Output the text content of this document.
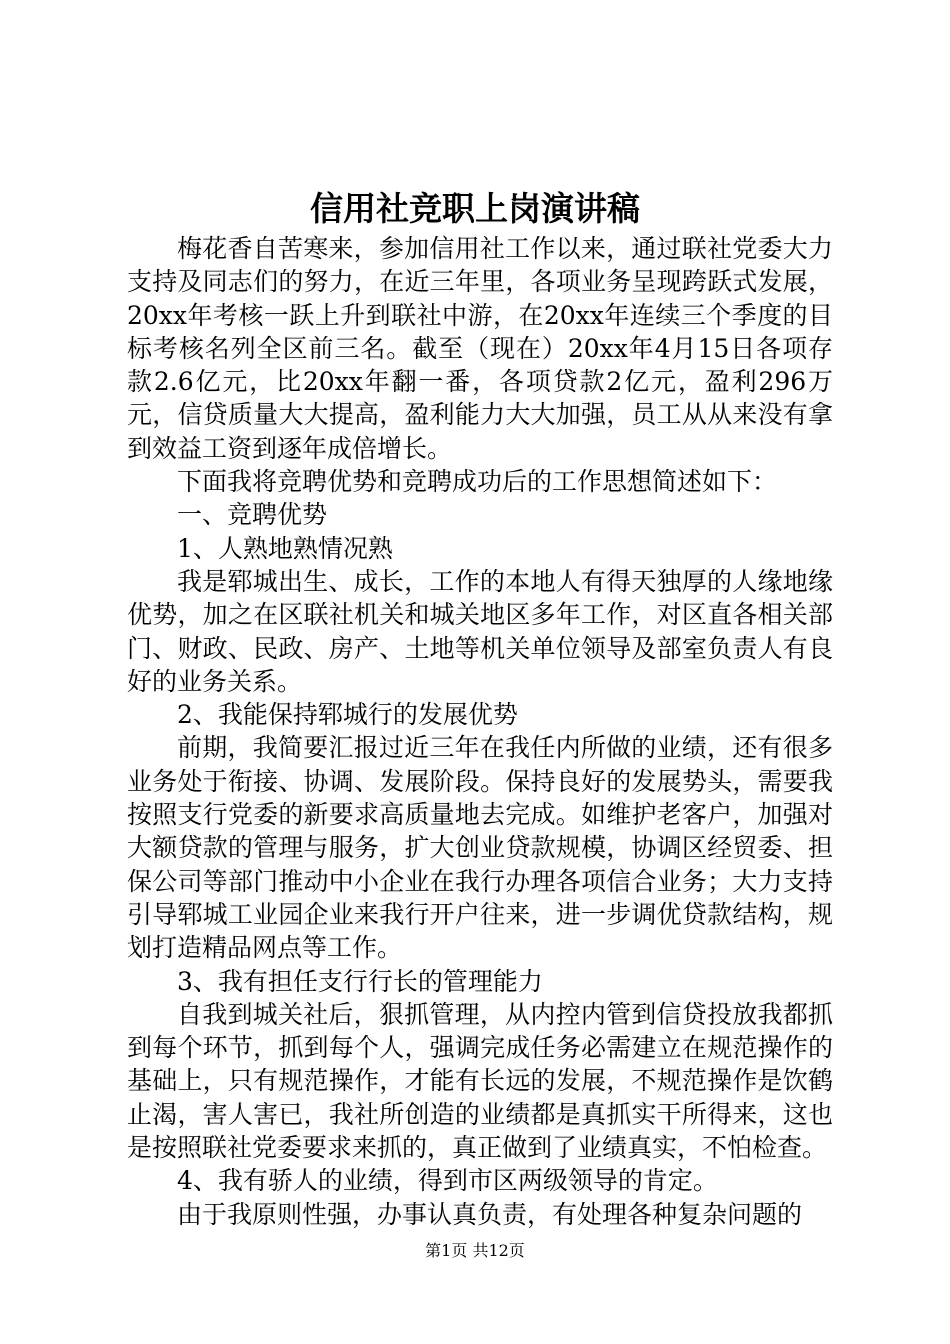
信用社竞职上岗演讲稿

梅花香自苦寒来，参加信用社工作以来，通过联社党委大力支持及同志们的努力，在近三年里，各项业务呈现跨跃式发展，20xx年考核一跃上升到联社中游，在20xx年连续三个季度的目标考核名列全区前三名。截至（现在）20xx年4月15日各项存款2.6亿元，比20xx年翻一番，各项贷款2亿元，盈利296万元，信贷质量大大提高，盈利能力大大加强，员工从从来没有拿到效益工资到逐年成倍增长。

下面我将竞聘优势和竞聘成功后的工作思想简述如下：

一、竞聘优势

1、人熟地熟情况熟

我是郓城出生、成长，工作的本地人有得天独厚的人缘地缘优势，加之在区联社机关和城关地区多年工作，对区直各相关部门、财政、民政、房产、土地等机关单位领导及部室负责人有良好的业务关系。

2、我能保持郓城行的发展优势

前期，我简要汇报过近三年在我任内所做的业绩，还有很多业务处于衔接、协调、发展阶段。保持良好的发展势头，需要我按照支行党委的新要求高质量地去完成。如维护老客户，加强对大额贷款的管理与服务，扩大创业贷款规模，协调区经贸委、担保公司等部门推动中小企业在我行办理各项信合业务；大力支持引导郓城工业园企业来我行开户往来，进一步调优贷款结构，规划打造精品网点等工作。

3、我有担任支行行长的管理能力

自我到城关社后，狠抓管理，从内控内管到信贷投放我都抓到每个环节，抓到每个人，强调完成任务必需建立在规范操作的基础上，只有规范操作，才能有长远的发展，不规范操作是饮鹤止渴，害人害已，我社所创造的业绩都是真抓实干所得来，这也是按照联社党委要求来抓的，真正做到了业绩真实，不怕检查。

4、我有骄人的业绩，得到市区两级领导的肯定。

由于我原则性强，办事认真负责，有处理各种复杂问题的

第1页 共12页
